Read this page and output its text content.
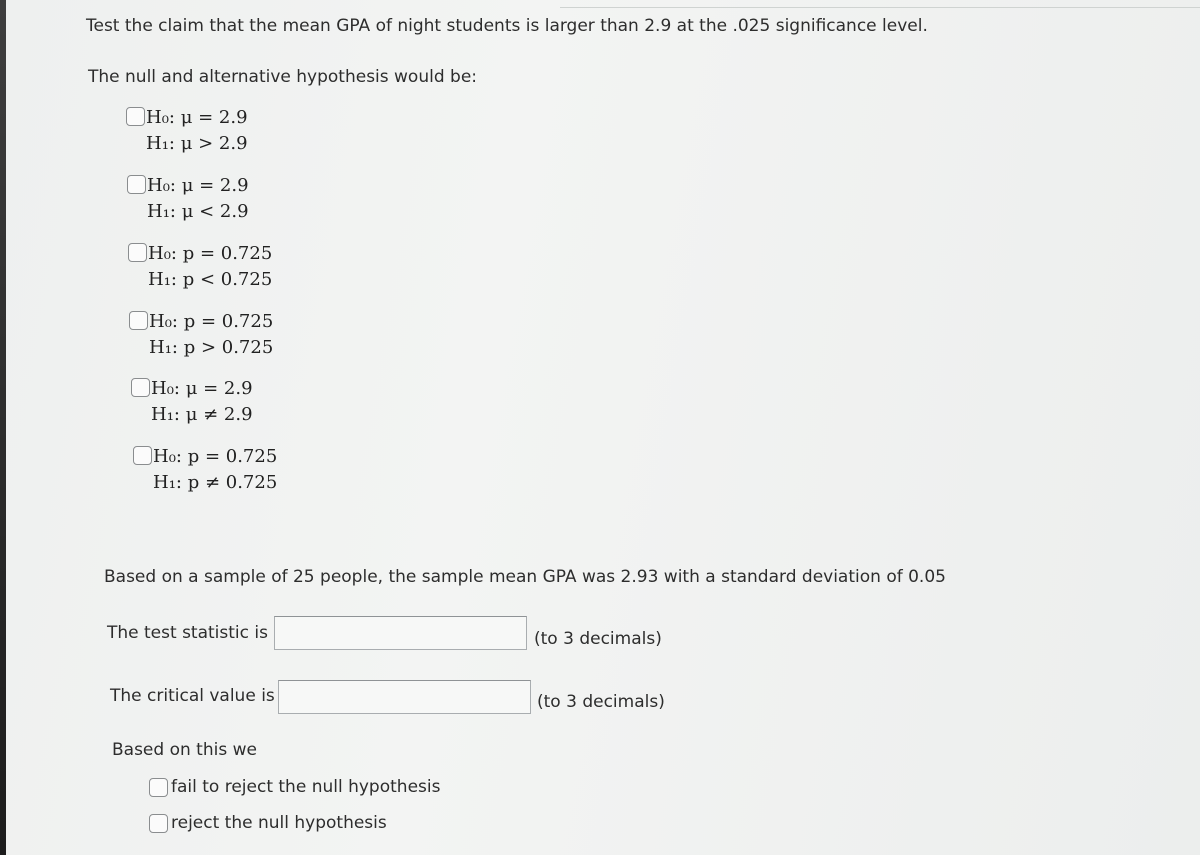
Test the claim that the mean GPA of night students is larger than 2.9 at the .025 significance level.
The null and alternative hypothesis would be:
H₀: μ = 2.9
H₁: μ > 2.9
H₀: μ = 2.9
H₁: μ < 2.9
H₀: p = 0.725
H₁: p < 0.725
H₀: p = 0.725
H₁: p > 0.725
H₀: μ = 2.9
H₁: μ ≠ 2.9
H₀: p = 0.725
H₁: p ≠ 0.725
Based on a sample of 25 people, the sample mean GPA was 2.93 with a standard deviation of 0.05
The test statistic is	(to 3 decimals)
The critical value is	(to 3 decimals)
Based on this we
fail to reject the null hypothesis
reject the null hypothesis
